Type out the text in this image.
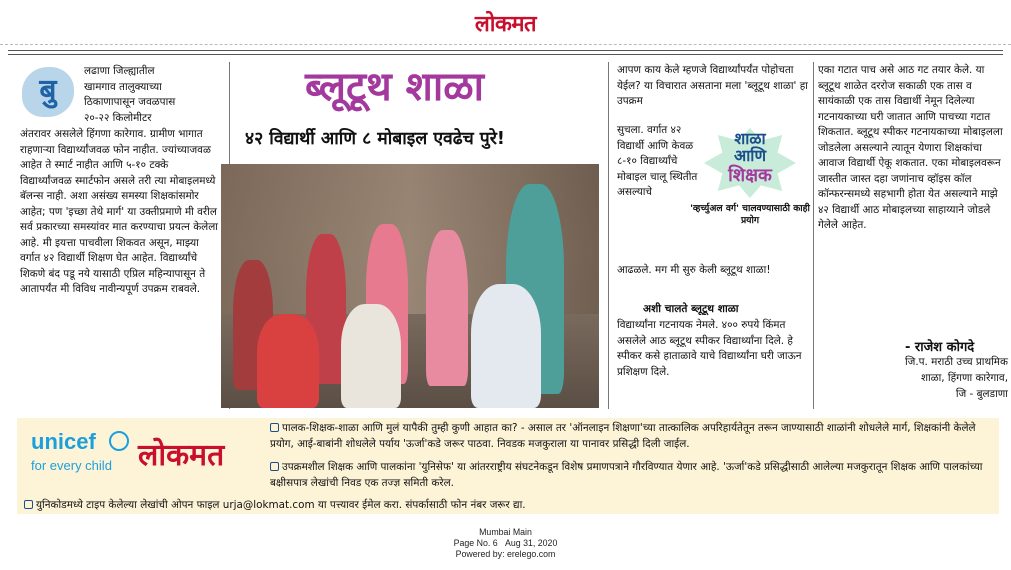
लोकमत
बु
लढाणा जिल्ह्यातील
खामगाव तालुक्याच्या
ठिकाणापासून जवळपास
२०-२२ किलोमीटर

अंतरावर असलेले हिंगणा कारेगाव. ग्रामीण भागात राहणाऱ्या विद्यार्थ्यांजवळ फोन नाहीत. ज्यांच्याजवळ आहेत ते स्मार्ट नाहीत आणि ५-१० टक्के विद्यार्थ्यांजवळ स्मार्टफोन असले तरी त्या मोबाइलमध्ये बॅलन्स नाही. अशा असंख्य समस्या शिक्षकांसमोर आहेत; पण 'इच्छा तेथे मार्ग' या उक्तीप्रमाणे मी वरील सर्व प्रकारच्या समस्यांवर मात करण्याचा प्रयत्न केलेला आहे. मी इयत्ता पाचवीला शिकवत असून, माझ्या वर्गात ४२ विद्यार्थी शिक्षण घेत आहेत. विद्यार्थ्यांचे शिकणे बंद पडू नये यासाठी एप्रिल महिन्यापासून ते आतापर्यंत मी विविध नावीन्यपूर्ण उपक्रम राबवले.

ब्लूटूथ शाळा
४२ विद्यार्थी आणि ८ मोबाइल एवढेच पुरे!

आपण काय केले म्हणजे विद्यार्थ्यांपर्यंत पोहोचता येईल? या विचारात असताना मला 'ब्लूटूथ शाळा' हा उपक्रम

सुचला. वर्गात ४२ विद्यार्थी आणि केवळ ८-१० विद्यार्थ्यांचे मोबाइल चालू स्थितीत असल्याचे
शाळा
आणि
शिक्षक
'व्हर्च्युअल वर्ग' चालवण्यासाठी काही प्रयोग
आढळले. मग मी सुरु केली ब्लूटूथ शाळा!
अशी चालते ब्लूटूथ शाळा
विद्यार्थ्यांना गटनायक नेमले. ४०० रुपये किंमत असलेले आठ ब्लूटूथ स्पीकर विद्यार्थ्यांना दिले. हे स्पीकर कसे हाताळावे याचे विद्यार्थ्यांना घरी जाऊन प्रशिक्षण दिले.

एका गटात पाच असे आठ गट तयार केले. या ब्लूटूथ शाळेत दररोज सकाळी एक तास व सायंकाळी एक तास विद्यार्थी नेमून दिलेल्या गटनायकाच्या घरी जातात आणि पाचच्या गटात शिकतात. ब्लूटूथ स्पीकर गटनायकाच्या मोबाइलला जोडलेला असल्याने त्यातून येणारा शिक्षकांचा आवाज विद्यार्थी ऐकू शकतात. एका मोबाइलवरून जास्तीत जास्त दहा जणांनाच व्हॉइस कॉल कॉन्फरन्समध्ये सहभागी होता येत असल्याने माझे ४२ विद्यार्थी आठ मोबाइलच्या साहाय्याने जोडले गेलेले आहेत.

- राजेश कोगदे
जि.प. मराठी उच्च प्राथमिक
शाळा, हिंगणा कारेगाव,
जि - बुलडाणा
unicef
for every child लोकमत
पालक-शिक्षक-शाळा आणि मुलं यापैकी तुम्ही कुणी आहात का? - असाल तर 'ऑनलाइन शिक्षणा'च्या तात्कालिक अपरिहार्यतेतून तरून जाण्यासाठी शाळांनी शोधलेले मार्ग, शिक्षकांनी केलेले प्रयोग, आई-बाबांनी शोधलेले पर्याय 'ऊर्जा'कडे जरूर पाठवा. निवडक मजकुराला या पानावर प्रसिद्धी दिली जाईल.
उपक्रमशील शिक्षक आणि पालकांना 'युनिसेफ' या आंतरराष्ट्रीय संघटनेकडून विशेष प्रमाणपत्राने गौरविण्यात येणार आहे. 'ऊर्जा'कडे प्रसिद्धीसाठी आलेल्या मजकुरातून शिक्षक आणि पालकांच्या बक्षीसपात्र लेखांची निवड एक तज्ज्ञ समिती करेल.
युनिकोडमध्ये टाइप केलेल्या लेखांची ओपन फाइल urja@lokmat.com या पत्त्यावर ईमेल करा. संपर्कासाठी फोन नंबर जरूर द्या.
Mumbai Main
Page No. 6 Aug 31, 2020
Powered by: erelego.com
